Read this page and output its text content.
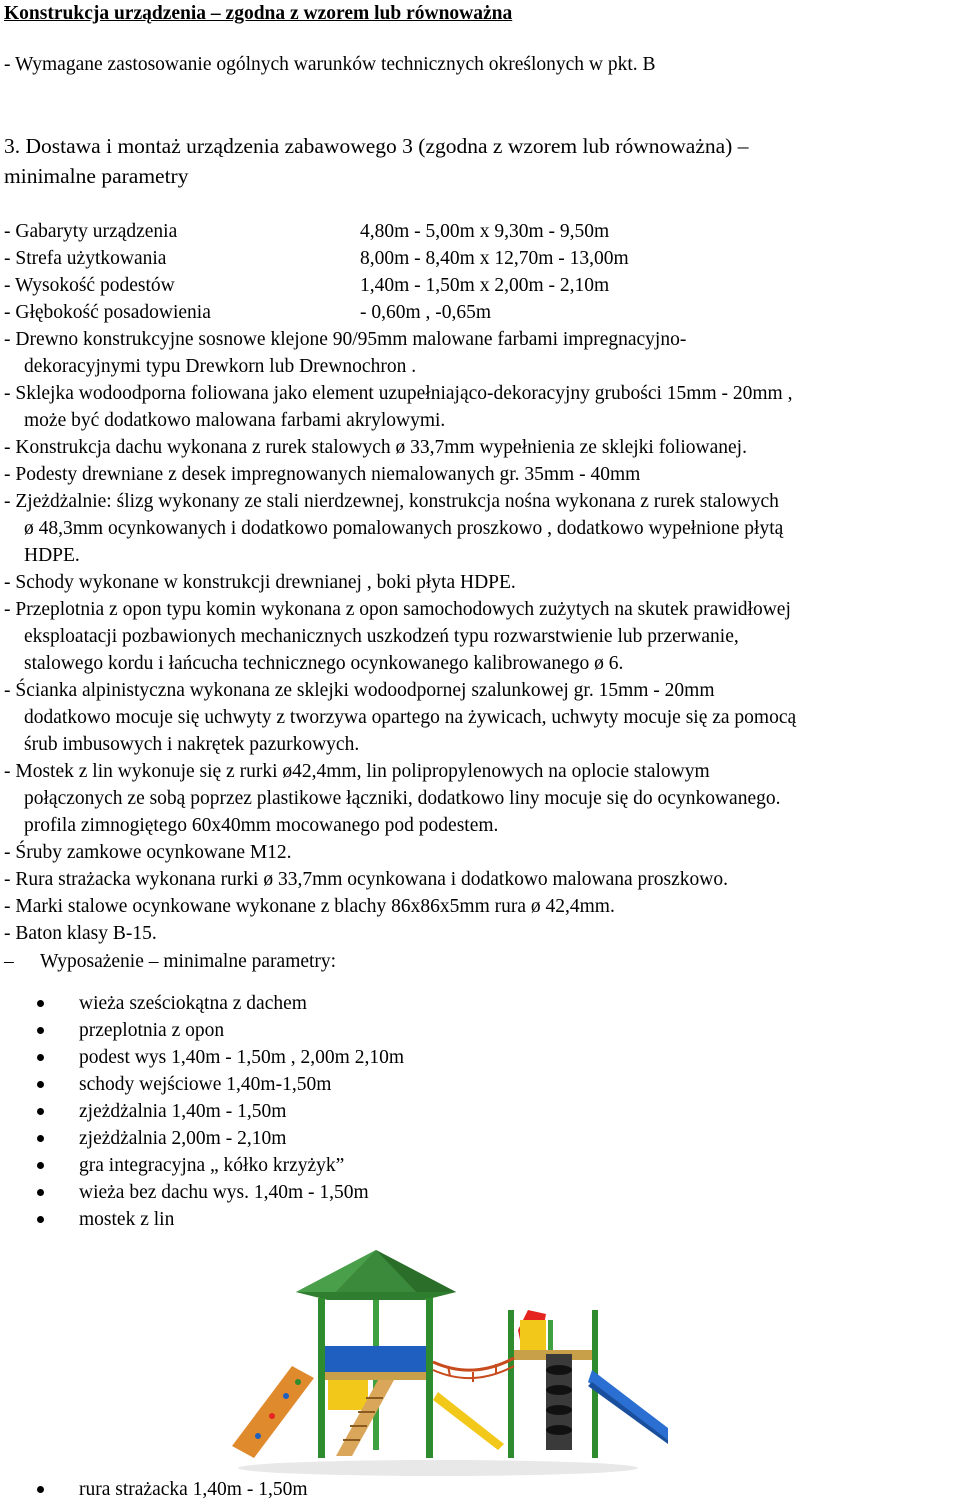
Konstrukcja urządzenia – zgodna z wzorem lub równoważna
- Wymagane zastosowanie ogólnych warunków technicznych określonych w pkt. B
3. Dostawa i montaż urządzenia zabawowego 3 (zgodna z wzorem lub równoważna) –
minimalne parametry
- Gabaryty urządzenia	4,80m - 5,00m x 9,30m - 9,50m
- Strefa użytkowania	8,00m - 8,40m x 12,70m - 13,00m
- Wysokość podestów	1,40m - 1,50m x 2,00m - 2,10m
- Głębokość posadowienia	- 0,60m , -0,65m
- Drewno konstrukcyjne sosnowe klejone 90/95mm malowane farbami impregnacyjno-
dekoracyjnymi typu Drewkorn lub Drewnochron .
- Sklejka wodoodporna foliowana jako element uzupełniająco-dekoracyjny grubości 15mm - 20mm ,
może być dodatkowo malowana farbami akrylowymi.
- Konstrukcja dachu wykonana z rurek stalowych ø 33,7mm wypełnienia ze sklejki foliowanej.
- Podesty drewniane z desek impregnowanych niemalowanych gr. 35mm - 40mm
- Zjeżdżalnie: ślizg wykonany ze stali nierdzewnej, konstrukcja nośna wykonana z rurek stalowych
ø 48,3mm ocynkowanych i dodatkowo pomalowanych proszkowo , dodatkowo wypełnione płytą
HDPE.
- Schody wykonane w konstrukcji drewnianej , boki płyta HDPE.
- Przeplotnia z opon typu komin wykonana z opon samochodowych zużytych na skutek prawidłowej
eksploatacji pozbawionych mechanicznych uszkodzeń typu rozwarstwienie lub przerwanie,
stalowego kordu i łańcucha technicznego ocynkowanego kalibrowanego ø 6.
- Ścianka alpinistyczna wykonana ze sklejki wodoodpornej szalunkowej gr. 15mm - 20mm
dodatkowo mocuje się uchwyty z tworzywa opartego na żywicach, uchwyty mocuje się za pomocą
śrub imbusowych i nakrętek pazurkowych.
- Mostek z lin wykonuje się z rurki ø42,4mm, lin polipropylenowych na oplocie stalowym
połączonych ze sobą poprzez plastikowe łączniki, dodatkowo liny mocuje się do ocynkowanego.
profila zimnogiętego 60x40mm mocowanego pod podestem.
- Śruby zamkowe ocynkowane M12.
- Rura strażacka wykonana rurki ø 33,7mm ocynkowana i dodatkowo malowana proszkowo.
- Marki stalowe ocynkowane wykonane z blachy 86x86x5mm rura ø 42,4mm.
- Baton klasy B-15.
– Wyposażenie – minimalne parametry:
wieża sześciokątna z dachem
przeplotnia z opon
podest wys 1,40m - 1,50m , 2,00m 2,10m
schody wejściowe 1,40m-1,50m
zjeżdżalnia 1,40m - 1,50m
zjeżdżalnia 2,00m - 2,10m
gra integracyjna „ kółko krzyżyk”
wieża bez dachu wys. 1,40m - 1,50m
mostek z lin
rura strażacka 1,40m - 1,50m
